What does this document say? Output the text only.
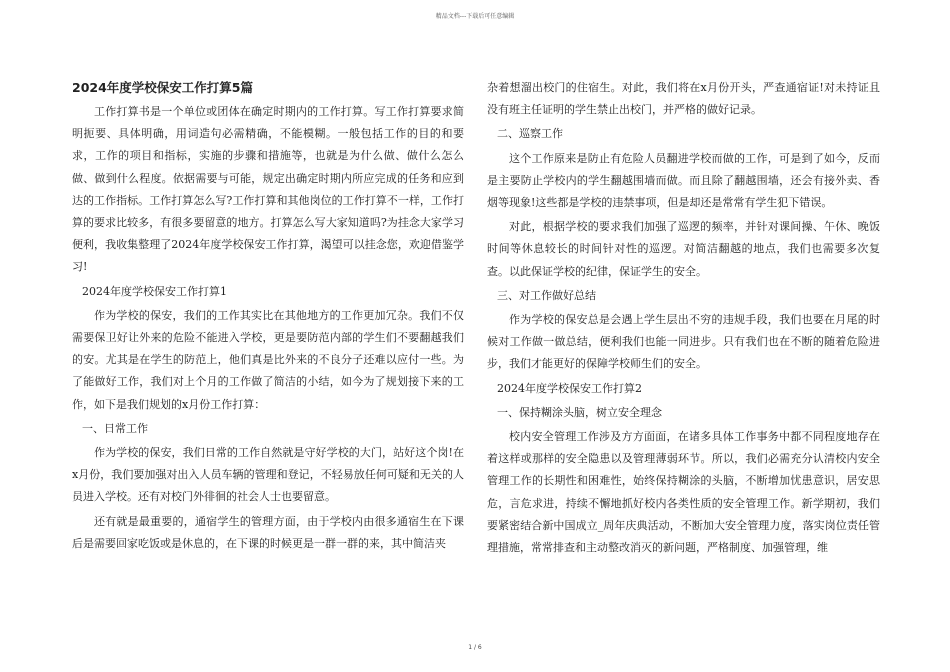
精品文档---下载后可任意编辑
2024年度学校保安工作打算5篇

工作打算书是一个单位或团体在确定时期内的工作打算。写工作打算要求简明扼要、具体明确，用词造句必需精确，不能模糊。一般包括工作的目的和要求，工作的项目和指标，实施的步骤和措施等，也就是为什么做、做什么怎么做、做到什么程度。依据需要与可能，规定出确定时期内所应完成的任务和应到达的工作指标。工作打算怎么写?工作打算和其他岗位的工作打算不一样，工作打算的要求比较多，有很多要留意的地方。打算怎么写大家知道吗?为挂念大家学习便利，我收集整理了2024年度学校保安工作打算，渴望可以挂念您，欢迎借鉴学习!

2024年度学校保安工作打算1

作为学校的保安，我们的工作其实比在其他地方的工作更加冗杂。我们不仅需要保卫好让外来的危险不能进入学校，更是要防范内部的学生们不要翻越我们的安。尤其是在学生的防范上，他们真是比外来的不良分子还难以应付一些。为了能做好工作，我们对上个月的工作做了简洁的小结，如今为了规划接下来的工作，如下是我们规划的x月份工作打算：

一、日常工作

作为学校的保安，我们日常的工作自然就是守好学校的大门，站好这个岗!在x月份，我们要加强对出入人员车辆的管理和登记，不轻易放任何可疑和无关的人员进入学校。还有对校门外徘徊的社会人士也要留意。

还有就是最重要的，通宿学生的管理方面，由于学校内由很多通宿生在下课后是需要回家吃饭或是休息的，在下课的时候更是一群一群的来，其中简洁夹

杂着想溜出校门的住宿生。对此，我们将在x月份开头，严查通宿证!对未持证且没有班主任证明的学生禁止出校门，并严格的做好记录。

二、巡察工作

这个工作原来是防止有危险人员翻进学校而做的工作，可是到了如今，反而是主要防止学校内的学生翻越围墙而做。而且除了翻越围墙，还会有接外卖、香烟等现象!这些都是学校的违禁事项，但是却还是常常有学生犯下错误。

对此，根据学校的要求我们加强了巡逻的频率，并针对课间操、午休、晚饭时间等休息较长的时间针对性的巡逻。对简洁翻越的地点，我们也需要多次复查。以此保证学校的纪律，保证学生的安全。

三、对工作做好总结

作为学校的保安总是会遇上学生层出不穷的违规手段，我们也要在月尾的时候对工作做一做总结，便利我们也能一同进步。只有我们也在不断的随着危险进步，我们才能更好的保障学校师生们的安全。

2024年度学校保安工作打算2

一、保持糊涂头脑，树立安全理念

校内安全管理工作涉及方方面面，在诸多具体工作事务中都不同程度地存在着这样或那样的安全隐患以及管理薄弱环节。所以，我们必需充分认清校内安全管理工作的长期性和困难性，始终保持糊涂的头脑，不断增加忧患意识，居安思危，言危求进，持续不懈地抓好校内各类性质的安全管理工作。新学期初，我们要紧密结合新中国成立_周年庆典活动，不断加大安全管理力度，落实岗位责任管理措施，常常排查和主动整改消灭的新问题，严格制度、加强管理，维

1 / 6
